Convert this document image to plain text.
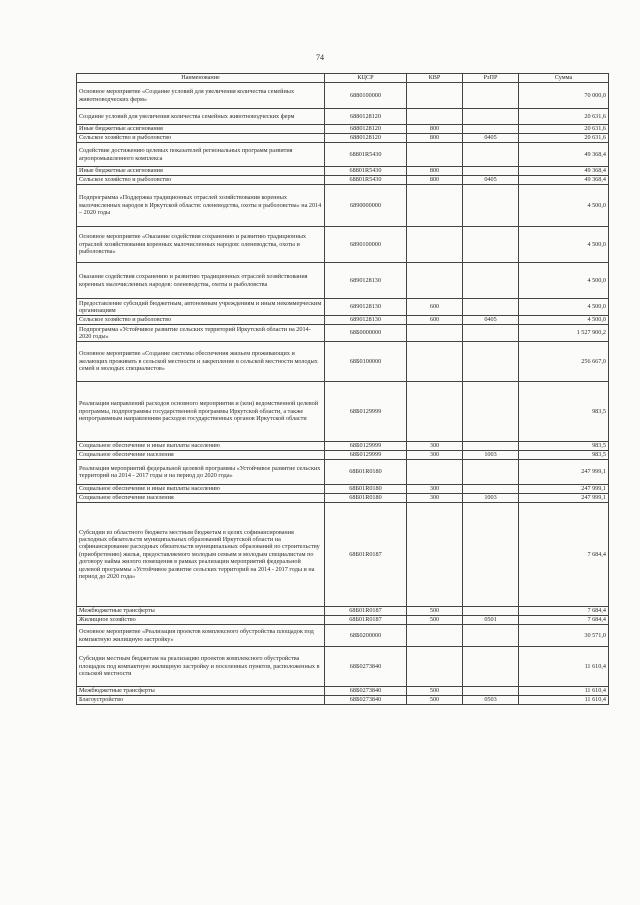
74
Наименование	КЦСР	КВР	РзПР	Сумма
Основное мероприятие «Создание условий для увеличения количества семейных животноводческих ферм»	6880100000			70 000,0
Создание условий для увеличения количества семейных животноводческих ферм	6880128120			20 631,6
Иные бюджетные ассигнования	6880128120	800		20 631,6
Сельское хозяйство и рыболовство	6880128120	800	0405	20 631,6
Содействие достижению целевых показателей региональных программ развития агропромышленного комплекса	68801R5430			49 368,4
Иные бюджетные ассигнования	68801R5430	800		49 368,4
Сельское хозяйство и рыболовство	68801R5430	800	0405	49 368,4
Подпрограмма «Поддержка традиционных отраслей хозяйствования коренных малочисленных народов в Иркутской области: оленеводства, охоты и рыболовства» на 2014 – 2020 годы	6890000000			4 500,0
Основное мероприятие «Оказание содействия сохранению и развитию традиционных отраслей хозяйствования коренных малочисленных народов: оленеводства, охоты и рыболовства»	6890100000			4 500,0
Оказание содействия сохранению и развитию традиционных отраслей хозяйствования коренных малочисленных народов: оленеводства, охоты и рыболовства	6890128130			4 500,0
Предоставление субсидий бюджетным, автономным учреждениям и иным некоммерческим организациям	6890128130	600		4 500,0
Сельское хозяйство и рыболовство	6890128130	600	0405	4 500,0
Подпрограмма «Устойчивое развитие сельских территорий Иркутской области на 2014-2020 годы»	68Б0000000			1 527 900,2
Основное мероприятие «Создание системы обеспечения жильем проживающих и желающих проживать в сельской местности и закрепление в сельской местности молодых семей и молодых специалистов»	68Б0100000			256 667,0
Реализация направлений расходов основного мероприятия и (или) ведомственной целевой программы, подпрограммы государственной программы Иркутской области, а также непрограммным направлениям расходов государственных органов Иркутской области	68Б0129999			983,5
Социальное обеспечение и иные выплаты населению	68Б0129999	300		983,5
Социальное обеспечение населения	68Б0129999	300	1003	983,5
Реализация мероприятий федеральной целевой программы «Устойчивое развитие сельских территорий на 2014 - 2017 годы и на период до 2020 года»	68Б01R0180			247 999,1
Социальное обеспечение и иные выплаты населению	68Б01R0180	300		247 999,1
Социальное обеспечение населения	68Б01R0180	300	1003	247 999,1
Субсидии из областного бюджета местным бюджетам в целях софинансирования расходных обязательств муниципальных образований Иркутской области на софинансирование расходных обязательств муниципальных образований по строительству (приобретению) жилья, предоставляемого молодым семьям и молодым специалистам по договору найма жилого помещения в рамках реализации мероприятий федеральной целевой программы «Устойчивое развитие сельских территорий на 2014 - 2017 годы и на период до 2020 года»	68Б01R0187			7 684,4
Межбюджетные трансферты	68Б01R0187	500		7 684,4
Жилищное хозяйство	68Б01R0187	500	0501	7 684,4
Основное мероприятие «Реализация проектов комплексного обустройства площадок под компактную жилищную застройку»	68Б0200000			30 571,0
Субсидии местным бюджетам на реализацию проектов комплексного обустройства площадок под компактную жилищную застройку и поселенных пунктов, расположенных в сельской местности	68Б0273840			11 610,4
Межбюджетные трансферты	68Б0273840	500		11 610,4
Благоустройство	68Б0273840	500	0503	11 610,4
